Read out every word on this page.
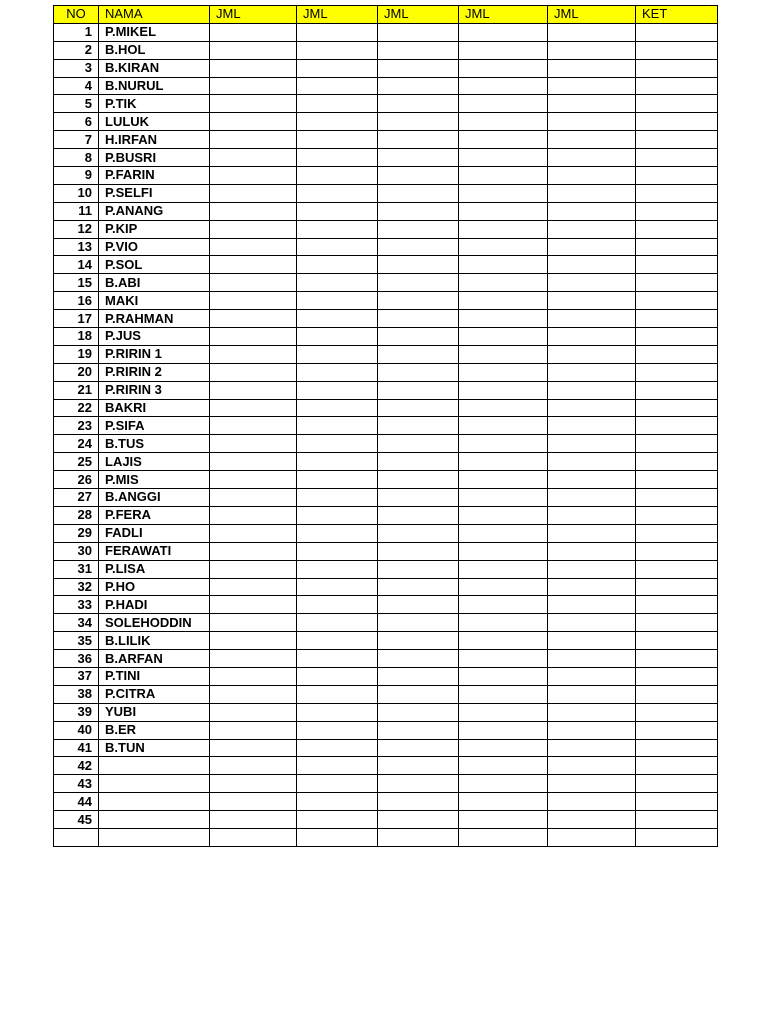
NO	NAMA	JML	JML	JML	JML	JML	KET
1	P.MIKEL						
2	B.HOL						
3	B.KIRAN						
4	B.NURUL						
5	P.TIK						
6	LULUK						
7	H.IRFAN						
8	P.BUSRI						
9	P.FARIN						
10	P.SELFI						
11	P.ANANG						
12	P.KIP						
13	P.VIO						
14	P.SOL						
15	B.ABI						
16	MAKI						
17	P.RAHMAN						
18	P.JUS						
19	P.RIRIN 1						
20	P.RIRIN 2						
21	P.RIRIN 3						
22	BAKRI						
23	P.SIFA						
24	B.TUS						
25	LAJIS						
26	P.MIS						
27	B.ANGGI						
28	P.FERA						
29	FADLI						
30	FERAWATI						
31	P.LISA						
32	P.HO						
33	P.HADI						
34	SOLEHODDIN						
35	B.LILIK						
36	B.ARFAN						
37	P.TINI						
38	P.CITRA						
39	YUBI						
40	B.ER						
41	B.TUN						
42							
43							
44							
45							
